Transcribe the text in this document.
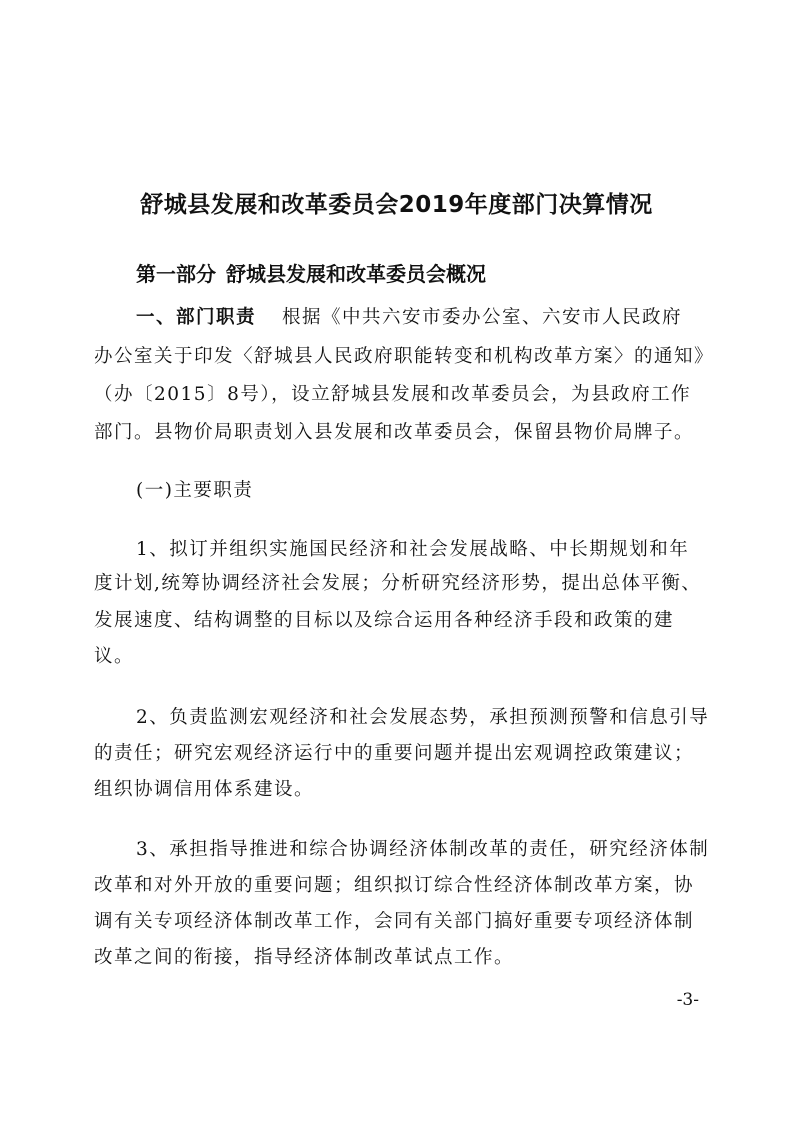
舒城县发展和改革委员会2019年度部门决算情况
第一部分 舒城县发展和改革委员会概况
一、部门职责 根据《中共六安市委办公室、六安市人民政府
办公室关于印发〈舒城县人民政府职能转变和机构改革方案〉的通知》
（办〔2015〕8号），设立舒城县发展和改革委员会，为县政府工作
部门。县物价局职责划入县发展和改革委员会，保留县物价局牌子。
(一)主要职责
1、拟订并组织实施国民经济和社会发展战略、中长期规划和年
度计划,统筹协调经济社会发展；分析研究经济形势，提出总体平衡、
发展速度、结构调整的目标以及综合运用各种经济手段和政策的建
议。
2、负责监测宏观经济和社会发展态势，承担预测预警和信息引导
的责任；研究宏观经济运行中的重要问题并提出宏观调控政策建议；
组织协调信用体系建设。
3、承担指导推进和综合协调经济体制改革的责任，研究经济体制
改革和对外开放的重要问题；组织拟订综合性经济体制改革方案，协
调有关专项经济体制改革工作，会同有关部门搞好重要专项经济体制
改革之间的衔接，指导经济体制改革试点工作。
-3-
